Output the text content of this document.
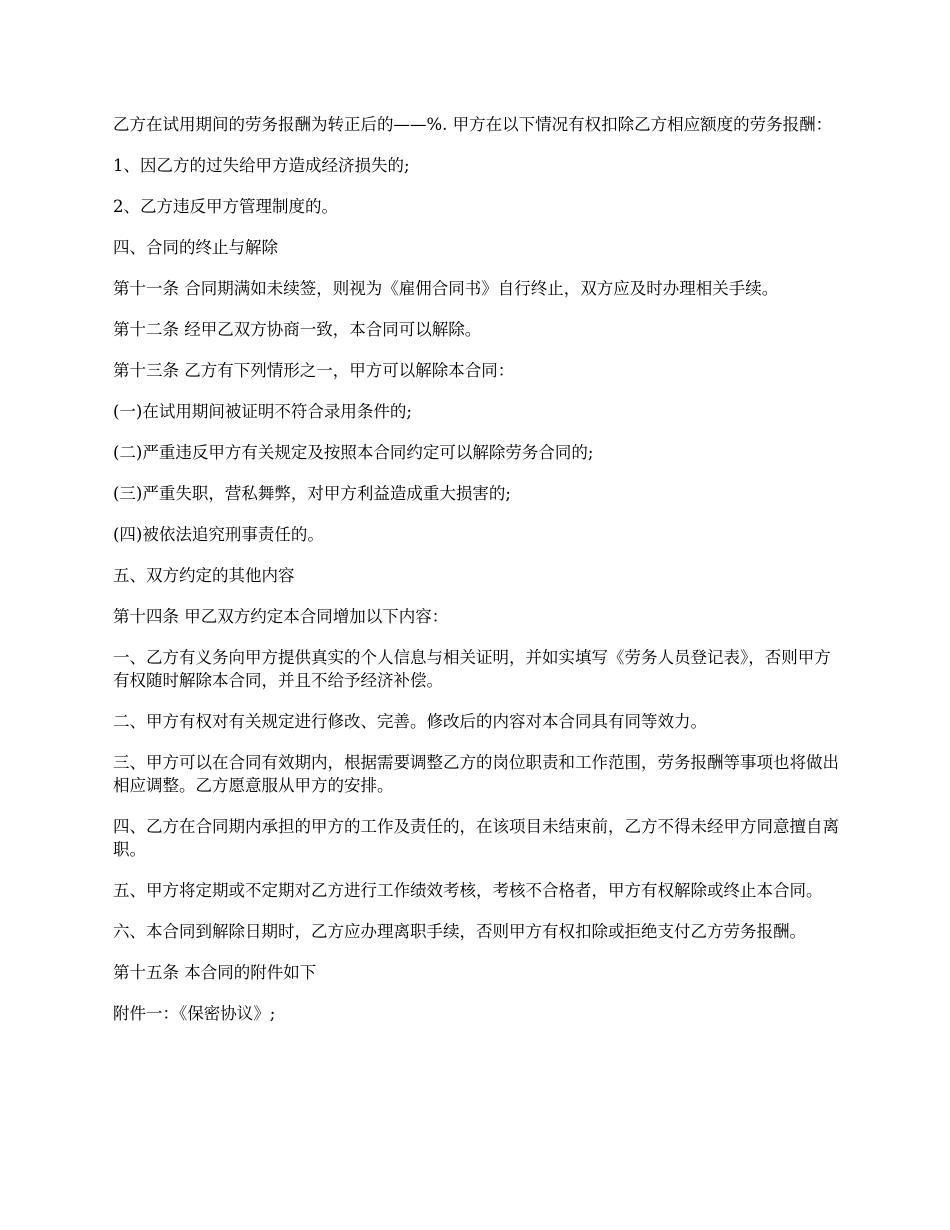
乙方在试用期间的劳务报酬为转正后的——%. 甲方在以下情况有权扣除乙方相应额度的劳务报酬：

1、因乙方的过失给甲方造成经济损失的;

2、乙方违反甲方管理制度的。

四、合同的终止与解除

第十一条 合同期满如未续签，则视为《雇佣合同书》自行终止，双方应及时办理相关手续。

第十二条 经甲乙双方协商一致，本合同可以解除。

第十三条 乙方有下列情形之一，甲方可以解除本合同：

(一)在试用期间被证明不符合录用条件的;

(二)严重违反甲方有关规定及按照本合同约定可以解除劳务合同的;

(三)严重失职，营私舞弊，对甲方利益造成重大损害的;

(四)被依法追究刑事责任的。

五、双方约定的其他内容

第十四条 甲乙双方约定本合同增加以下内容：

一、乙方有义务向甲方提供真实的个人信息与相关证明，并如实填写《劳务人员登记表》，否则甲方有权随时解除本合同，并且不给予经济补偿。

二、甲方有权对有关规定进行修改、完善。修改后的内容对本合同具有同等效力。

三、甲方可以在合同有效期内，根据需要调整乙方的岗位职责和工作范围，劳务报酬等事项也将做出相应调整。乙方愿意服从甲方的安排。

四、乙方在合同期内承担的甲方的工作及责任的，在该项目未结束前，乙方不得未经甲方同意擅自离职。

五、甲方将定期或不定期对乙方进行工作绩效考核，考核不合格者，甲方有权解除或终止本合同。

六、本合同到解除日期时，乙方应办理离职手续，否则甲方有权扣除或拒绝支付乙方劳务报酬。

第十五条 本合同的附件如下

附件一：《保密协议》;
